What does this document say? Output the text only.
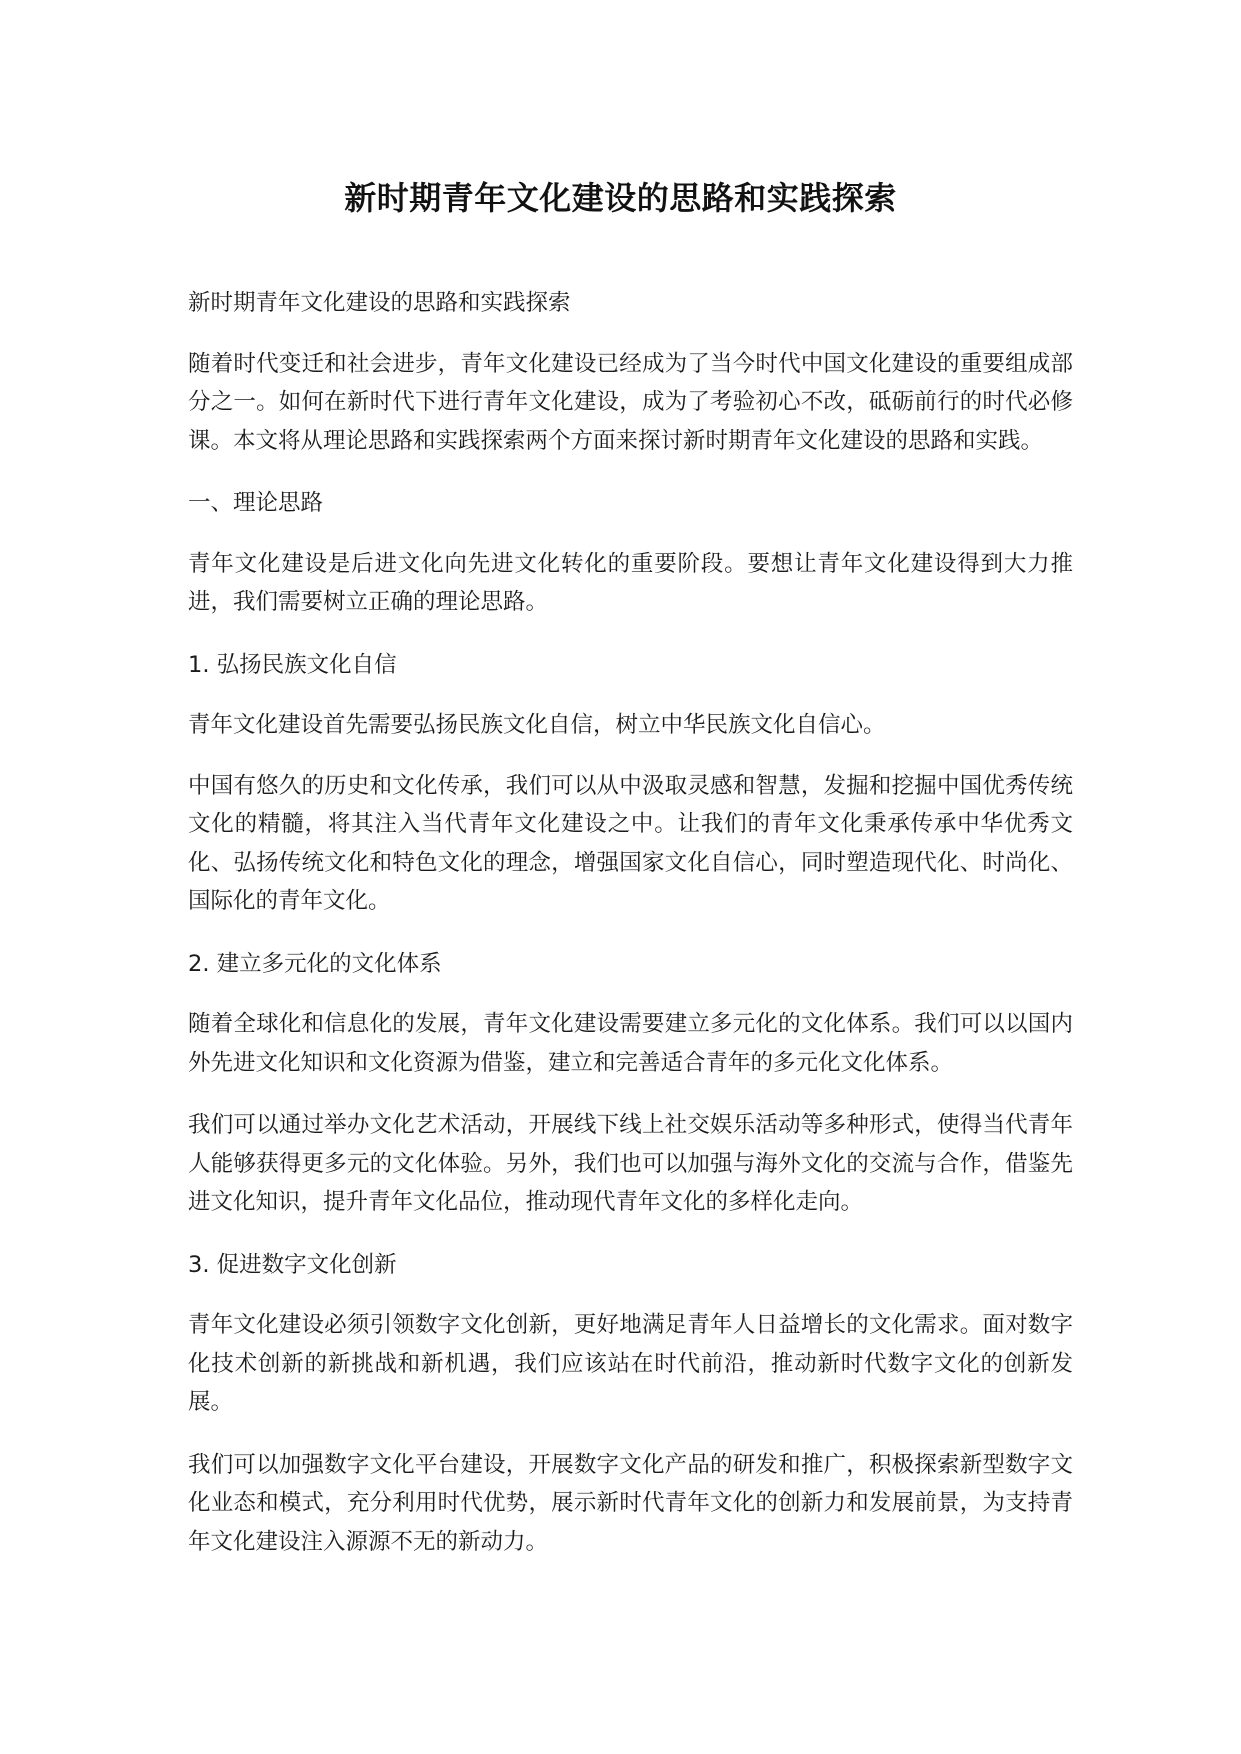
新时期青年文化建设的思路和实践探索

新时期青年文化建设的思路和实践探索

随着时代变迁和社会进步，青年文化建设已经成为了当今时代中国文化建设的重要组成部分之一。如何在新时代下进行青年文化建设，成为了考验初心不改，砥砺前行的时代必修课。本文将从理论思路和实践探索两个方面来探讨新时期青年文化建设的思路和实践。

一、理论思路

青年文化建设是后进文化向先进文化转化的重要阶段。要想让青年文化建设得到大力推进，我们需要树立正确的理论思路。

1. 弘扬民族文化自信

青年文化建设首先需要弘扬民族文化自信，树立中华民族文化自信心。

中国有悠久的历史和文化传承，我们可以从中汲取灵感和智慧，发掘和挖掘中国优秀传统文化的精髓，将其注入当代青年文化建设之中。让我们的青年文化秉承传承中华优秀文化、弘扬传统文化和特色文化的理念，增强国家文化自信心，同时塑造现代化、时尚化、国际化的青年文化。

2. 建立多元化的文化体系

随着全球化和信息化的发展，青年文化建设需要建立多元化的文化体系。我们可以以国内外先进文化知识和文化资源为借鉴，建立和完善适合青年的多元化文化体系。

我们可以通过举办文化艺术活动，开展线下线上社交娱乐活动等多种形式，使得当代青年人能够获得更多元的文化体验。另外，我们也可以加强与海外文化的交流与合作，借鉴先进文化知识，提升青年文化品位，推动现代青年文化的多样化走向。

3. 促进数字文化创新

青年文化建设必须引领数字文化创新，更好地满足青年人日益增长的文化需求。面对数字化技术创新的新挑战和新机遇，我们应该站在时代前沿，推动新时代数字文化的创新发展。

我们可以加强数字文化平台建设，开展数字文化产品的研发和推广，积极探索新型数字文化业态和模式，充分利用时代优势，展示新时代青年文化的创新力和发展前景，为支持青年文化建设注入源源不无的新动力。
